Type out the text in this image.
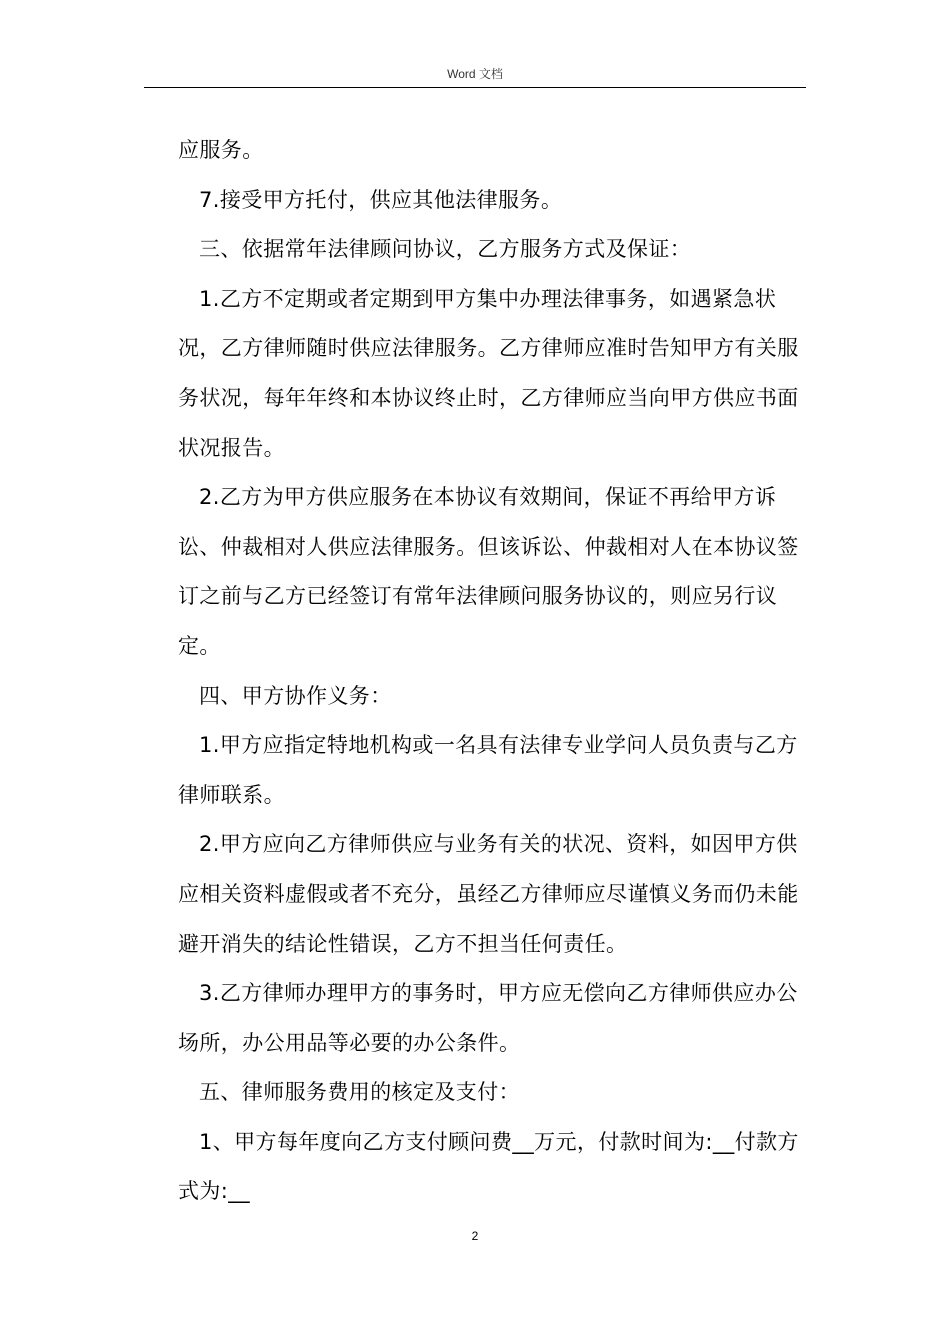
Word 文档

应服务。

7.接受甲方托付，供应其他法律服务。

三、依据常年法律顾问协议，乙方服务方式及保证：

1.乙方不定期或者定期到甲方集中办理法律事务，如遇紧急状况，乙方律师随时供应法律服务。乙方律师应准时告知甲方有关服务状况，每年年终和本协议终止时，乙方律师应当向甲方供应书面状况报告。

2.乙方为甲方供应服务在本协议有效期间，保证不再给甲方诉讼、仲裁相对人供应法律服务。但该诉讼、仲裁相对人在本协议签订之前与乙方已经签订有常年法律顾问服务协议的，则应另行议定。

四、甲方协作义务：

1.甲方应指定特地机构或一名具有法律专业学问人员负责与乙方律师联系。

2.甲方应向乙方律师供应与业务有关的状况、资料，如因甲方供应相关资料虚假或者不充分，虽经乙方律师应尽谨慎义务而仍未能避开消失的结论性错误，乙方不担当任何责任。

3.乙方律师办理甲方的事务时，甲方应无偿向乙方律师供应办公场所，办公用品等必要的办公条件。

五、律师服务费用的核定及支付：

1、甲方每年度向乙方支付顾问费__万元，付款时间为:__付款方式为:__

2
